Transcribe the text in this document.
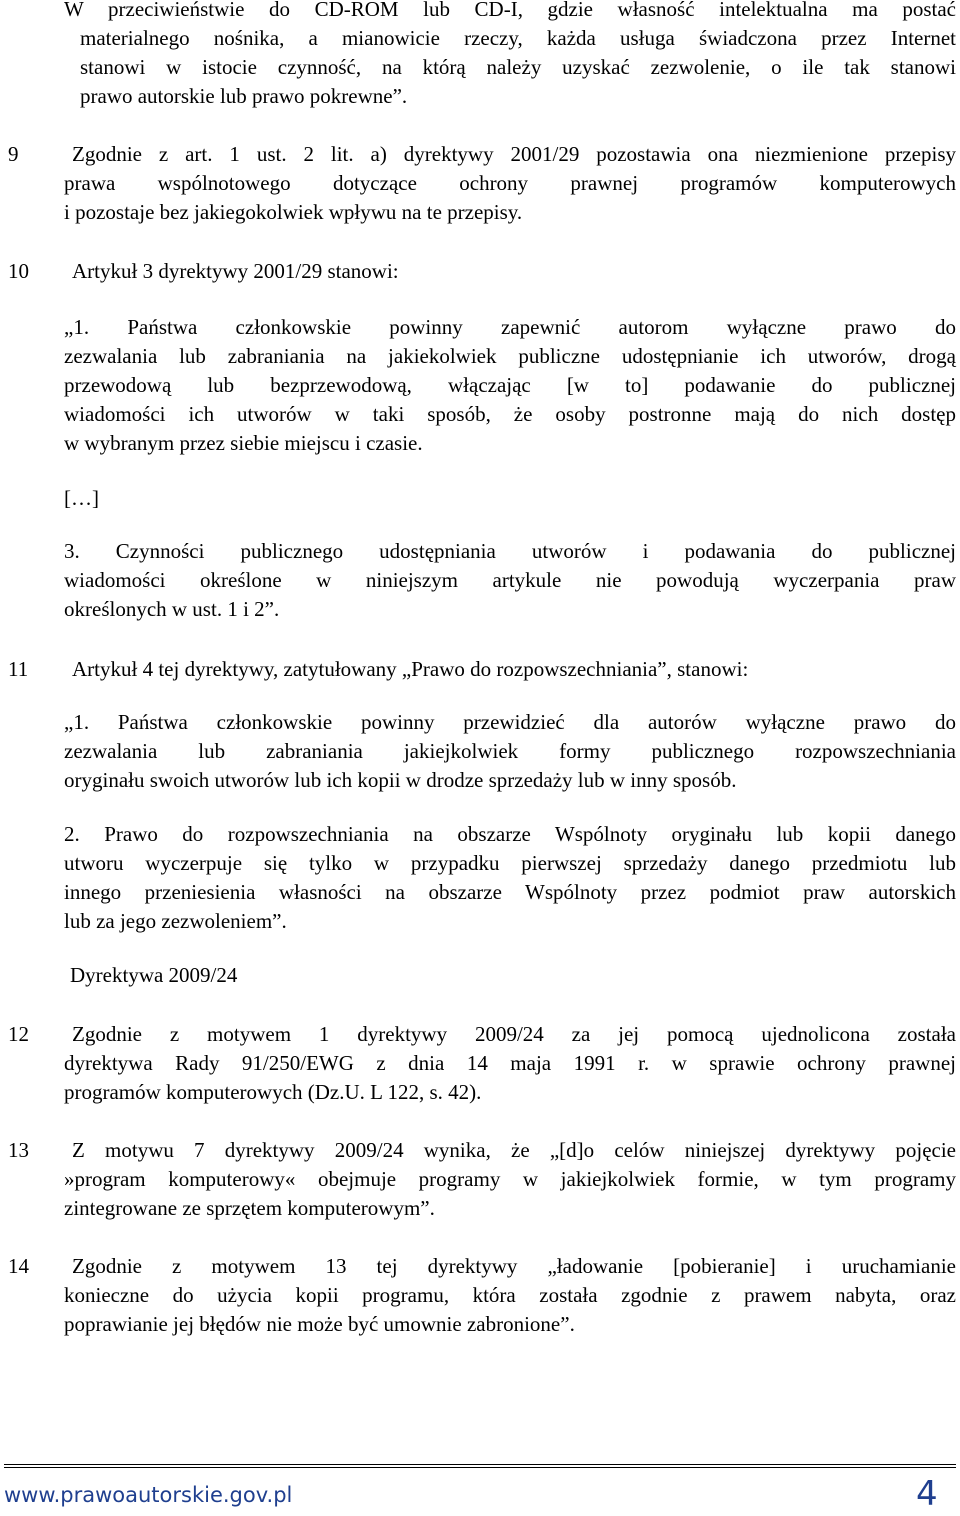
W przeciwieństwie do CD-ROM lub CD-I, gdzie własność intelektualna ma postać
materialnego nośnika, a mianowicie rzeczy, każda usługa świadczona przez Internet
stanowi w istocie czynność, na którą należy uzyskać zezwolenie, o ile tak stanowi
prawo autorskie lub prawo pokrewne”.
9	Zgodnie z art. 1 ust. 2 lit. a) dyrektywy 2001/29 pozostawia ona niezmienione przepisy
prawa wspólnotowego dotyczące ochrony prawnej programów komputerowych
i pozostaje bez jakiegokolwiek wpływu na te przepisy.
10 Artykuł 3 dyrektywy 2001/29 stanowi:
„1. Państwa członkowskie powinny zapewnić autorom wyłączne prawo do
zezwalania lub zabraniania na jakiekolwiek publiczne udostępnianie ich utworów, drogą
przewodową lub bezprzewodową, włączając [w to] podawanie do publicznej
wiadomości ich utworów w taki sposób, że osoby postronne mają do nich dostęp
w wybranym przez siebie miejscu i czasie.
[…]
3. Czynności publicznego udostępniania utworów i podawania do publicznej
wiadomości określone w niniejszym artykule nie powodują wyczerpania praw
określonych w ust. 1 i 2”.
11 Artykuł 4 tej dyrektywy, zatytułowany „Prawo do rozpowszechniania”, stanowi:
„1. Państwa członkowskie powinny przewidzieć dla autorów wyłączne prawo do
zezwalania lub zabraniania jakiejkolwiek formy publicznego rozpowszechniania
oryginału swoich utworów lub ich kopii w drodze sprzedaży lub w inny sposób.
2. Prawo do rozpowszechniania na obszarze Wspólnoty oryginału lub kopii danego
utworu wyczerpuje się tylko w przypadku pierwszej sprzedaży danego przedmiotu lub
innego przeniesienia własności na obszarze Wspólnoty przez podmiot praw autorskich
lub za jego zezwoleniem”.
Dyrektywa 2009/24
12 Zgodnie z motywem 1 dyrektywy 2009/24 za jej pomocą ujednolicona została
dyrektywa Rady 91/250/EWG z dnia 14 maja 1991 r. w sprawie ochrony prawnej
programów komputerowych (Dz.U. L 122, s. 42).
13 Z motywu 7 dyrektywy 2009/24 wynika, że „[d]o celów niniejszej dyrektywy pojęcie
»program komputerowy« obejmuje programy w jakiejkolwiek formie, w tym programy
zintegrowane ze sprzętem komputerowym”.
14 Zgodnie z motywem 13 tej dyrektywy „ładowanie [pobieranie] i uruchamianie
konieczne do użycia kopii programu, która została zgodnie z prawem nabyta, oraz
poprawianie jej błędów nie może być umownie zabronione”.
www.prawoautorskie.gov.pl	4
